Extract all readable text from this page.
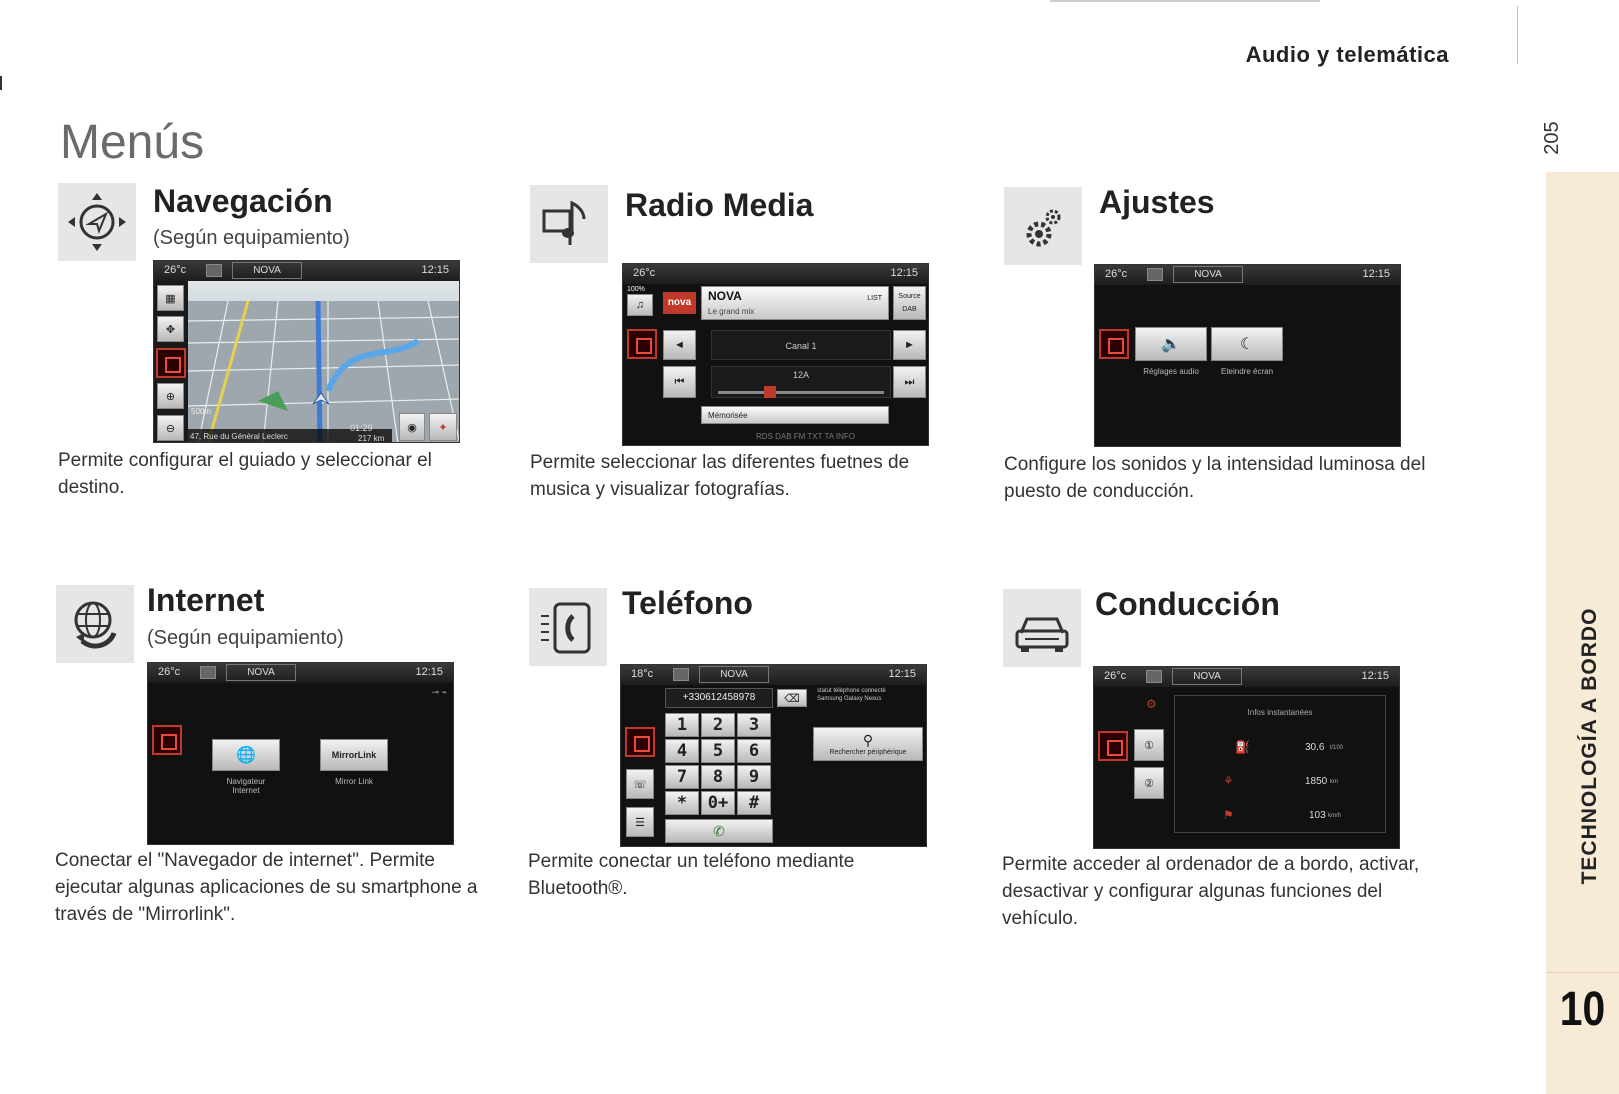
Audio y telemática
205
TECHNOLOGÍA A BORDO
10
Menús
Navegación
(Según equipamiento)
26°c	NOVA	12:15
▦
✥
⊕
⊖
47, Rue du Général Leclerc
01:29
217 km
500m
◉	✦

Permite configurar el guiado y seleccionar el destino.

Radio Media
26°c	12:15
100%
♫	nova	NOVA
Le grand mix
LIST Source
DAB
◄	Canal 1	►
⏮
12A
⏭
Mémorisée
RDS DAB FM TXT TA INFO

Permite seleccionar las diferentes fuetnes de musica y visualizar fotografías.

Ajustes
26°c	NOVA	12:15
🔈	☾
Réglages audio	Eteindre écran

Configure los sonidos y la intensidad luminosa del puesto de conducción.

Internet
(Según equipamiento)
26°c	NOVA	12:15
⊸ ⌁
🌐
Navigateur Internet
MirrorLink
Mirror Link

Conectar el "Navegador de internet". Permite ejecutar algunas aplicaciones de su smartphone a través de "Mirrorlink".

Teléfono
18°c	NOVA	12:15
+330612458978	⌫
statut téléphone connecté
Samsung Galaxy Nexus
⚲
Rechercher périphérique
☏
☰
1	2	3
4	5	6
7	8	9
*	0+	#
✆

Permite conectar un teléfono mediante Bluetooth®.

Conducción
26°c	NOVA	12:15
⚙
①
②
Infos instantanées
⛽	30.6 l/100
⚘	1850 km
⚑	103 km/h

Permite acceder al ordenador de a bordo, activar, desactivar y configurar algunas funciones del vehículo.
